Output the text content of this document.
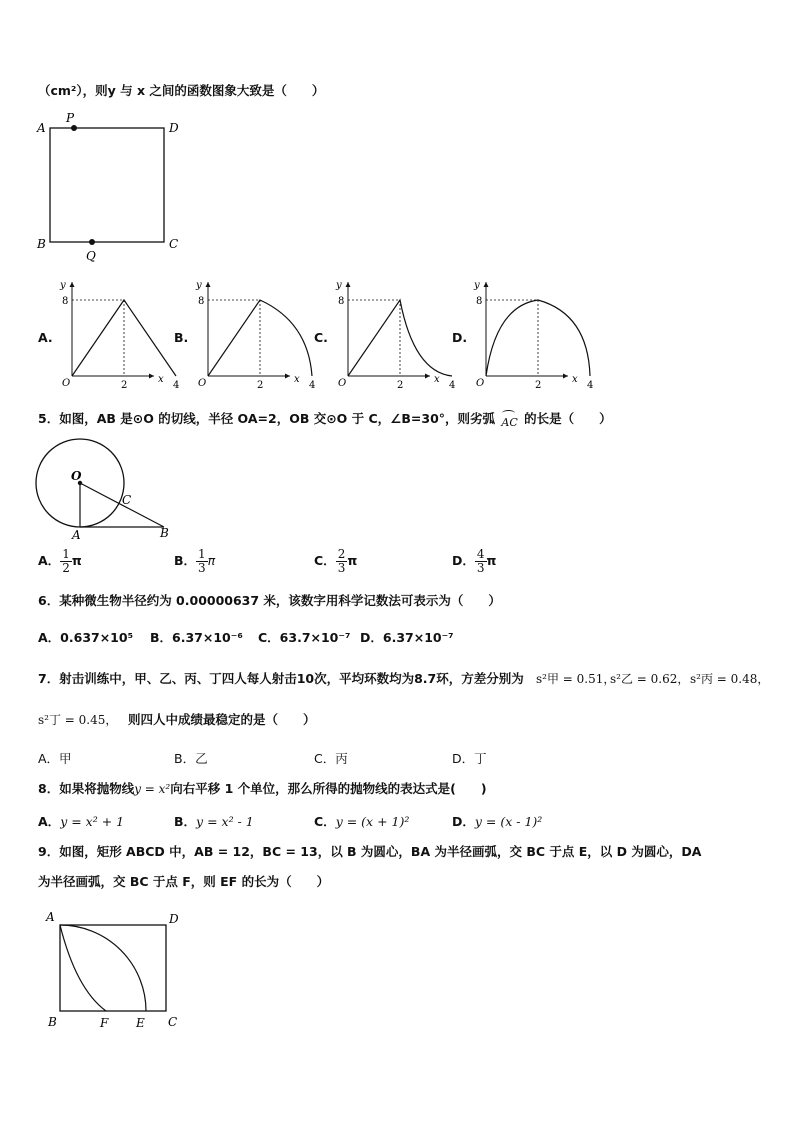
（cm²），则y 与 x 之间的函数图象大致是（　　）
A
P
D
B
Q
C
A.	B.	C.	D.
y
x
O
8
2	4
y
x
O
8
2	4
y
x
O
8
2	4
y
x
O
8
2	4
5．如图，AB 是⊙O 的切线，半径 OA=2，OB 交⊙O 于 C，∠B=30°，则劣弧 AC 的长是（　　）
O
C
A	B
A． $\frac{1}{2}$ π	B． $\frac{1}{3}$ π	C． $\frac{2}{3}$ π	D． $\frac{4}{3}$ π
6．某种微生物半径约为 0.00000637 米，该数字用科学记数法可表示为（　　）
A．0.637×10⁵ B．6.37×10⁻⁶ C．63.7×10⁻⁷ D．6.37×10⁻⁷
7．射击训练中，甲、乙、丙、丁四人每人射击10次，平均环数均为8.7环，方差分别为 s²甲 = 0.51，
s²乙 = 0.62， s²丙 = 0.48，
s²丁 = 0.45， 则四人中成绩最稳定的是（　　）
A．甲	B．乙	C．丙	D．丁
8．如果将抛物线y = x²向右平移 1 个单位，那么所得的抛物线的表达式是(　　)
A．y = x² + 1	B．y = x² - 1	C．y = (x + 1)²	D．y = (x - 1)²
9．如图，矩形 ABCD 中，AB = 12，BC = 13，以 B 为圆心，BA 为半径画弧，交 BC 于点 E，以 D 为圆心，DA
为半径画弧，交 BC 于点 F，则 EF 的长为（　　）
A	D
B	F E C
